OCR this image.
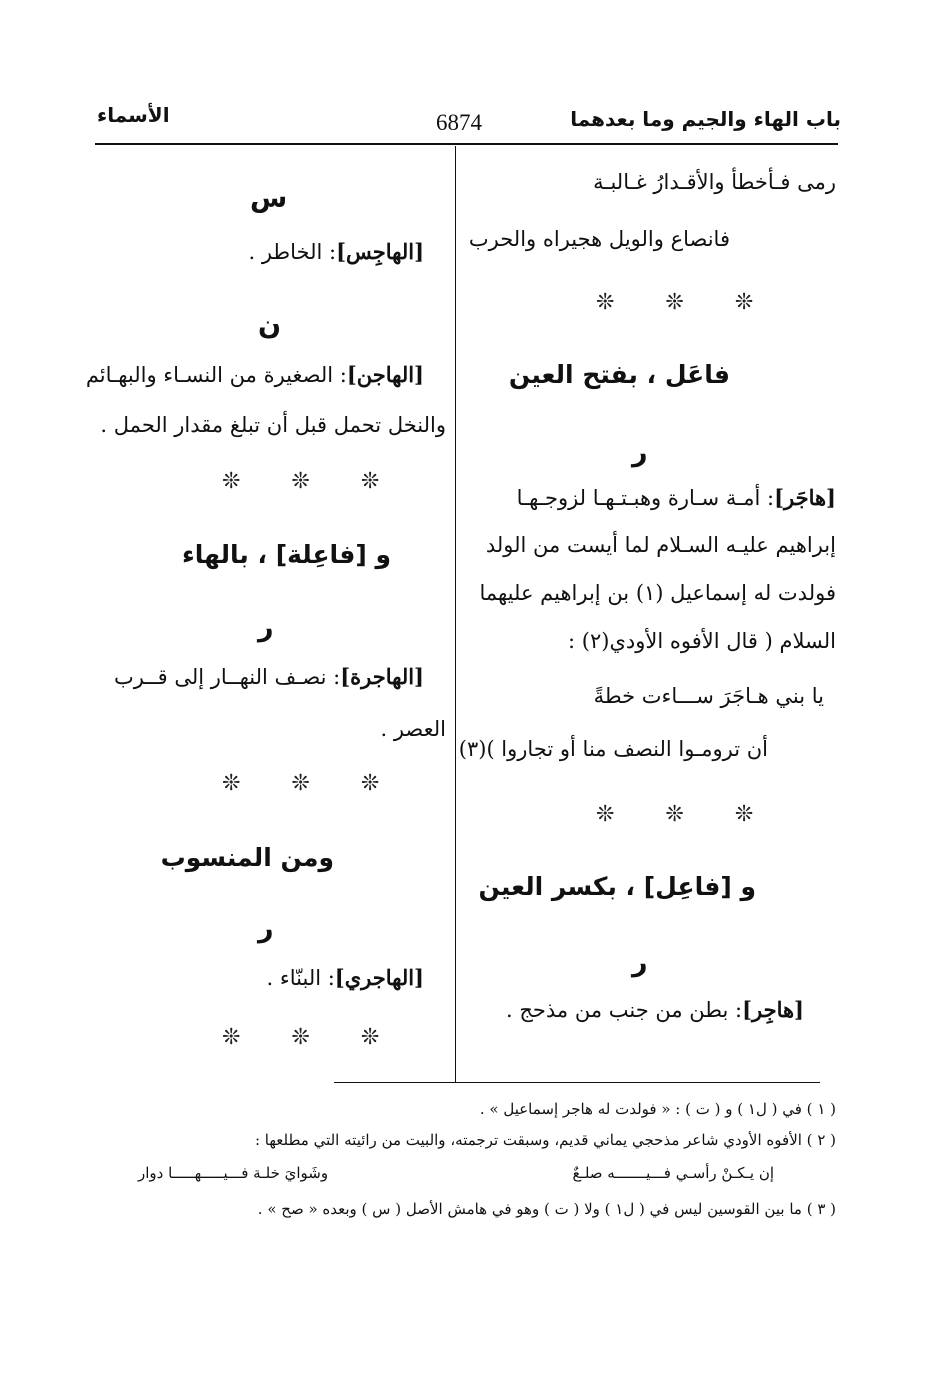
باب الهاء والجيم وما بعدهما
6874
الأسماء
رمى فـأخطأ والأقـدارُ غـالبـة
فانصاع والويل هجيراه والحرب
❊ ❊ ❊
فاعَل ، بفتح العين
ر
[هاجَر]: أمـة سـارة وهبـتـهـا لزوجـهـا
إبراهيم عليـه السـلام لما أيست من الولد
فولدت له إسماعيل (١) بن إبراهيم عليهما
السلام ( قال الأفوه الأودي(٢) :
يا بني هـاجَرَ ســـاءت خطةً
أن ترومـوا النصف منا أو تجاروا )(٣)
❊ ❊ ❊
و [فاعِل] ، بكسر العين
ر
[هاجِر]: بطن من جنب من مذحج .
س
[الهاجِس]: الخاطر .
ن
[الهاجن]: الصغيرة من النسـاء والبهـائم
والنخل تحمل قبل أن تبلغ مقدار الحمل .
❊ ❊ ❊
و [فاعِلة] ، بالهاء
ر
[الهاجرة]: نصـف النهــار إلى قــرب
العصر .
❊ ❊ ❊
ومن المنسوب
ر
[الهاجري]: البنّاء .
❊ ❊ ❊
( ١ ) في ( ل١ ) و ( ت ) : « فولدت له هاجر إسماعيل » .
( ٢ ) الأفوه الأودي شاعر مذحجي يماني قديم، وسبقت ترجمته، والبيت من رائيته التي مطلعها :
إن يـكـنْ رأسـي فـــيـــــــه صلـعٌ
وشَوايَ خلـة فـــيـــــهـــــا دوار
( ٣ ) ما بين القوسين ليس في ( ل١ ) ولا ( ت ) وهو في هامش الأصل ( س ) وبعده « صح » .
